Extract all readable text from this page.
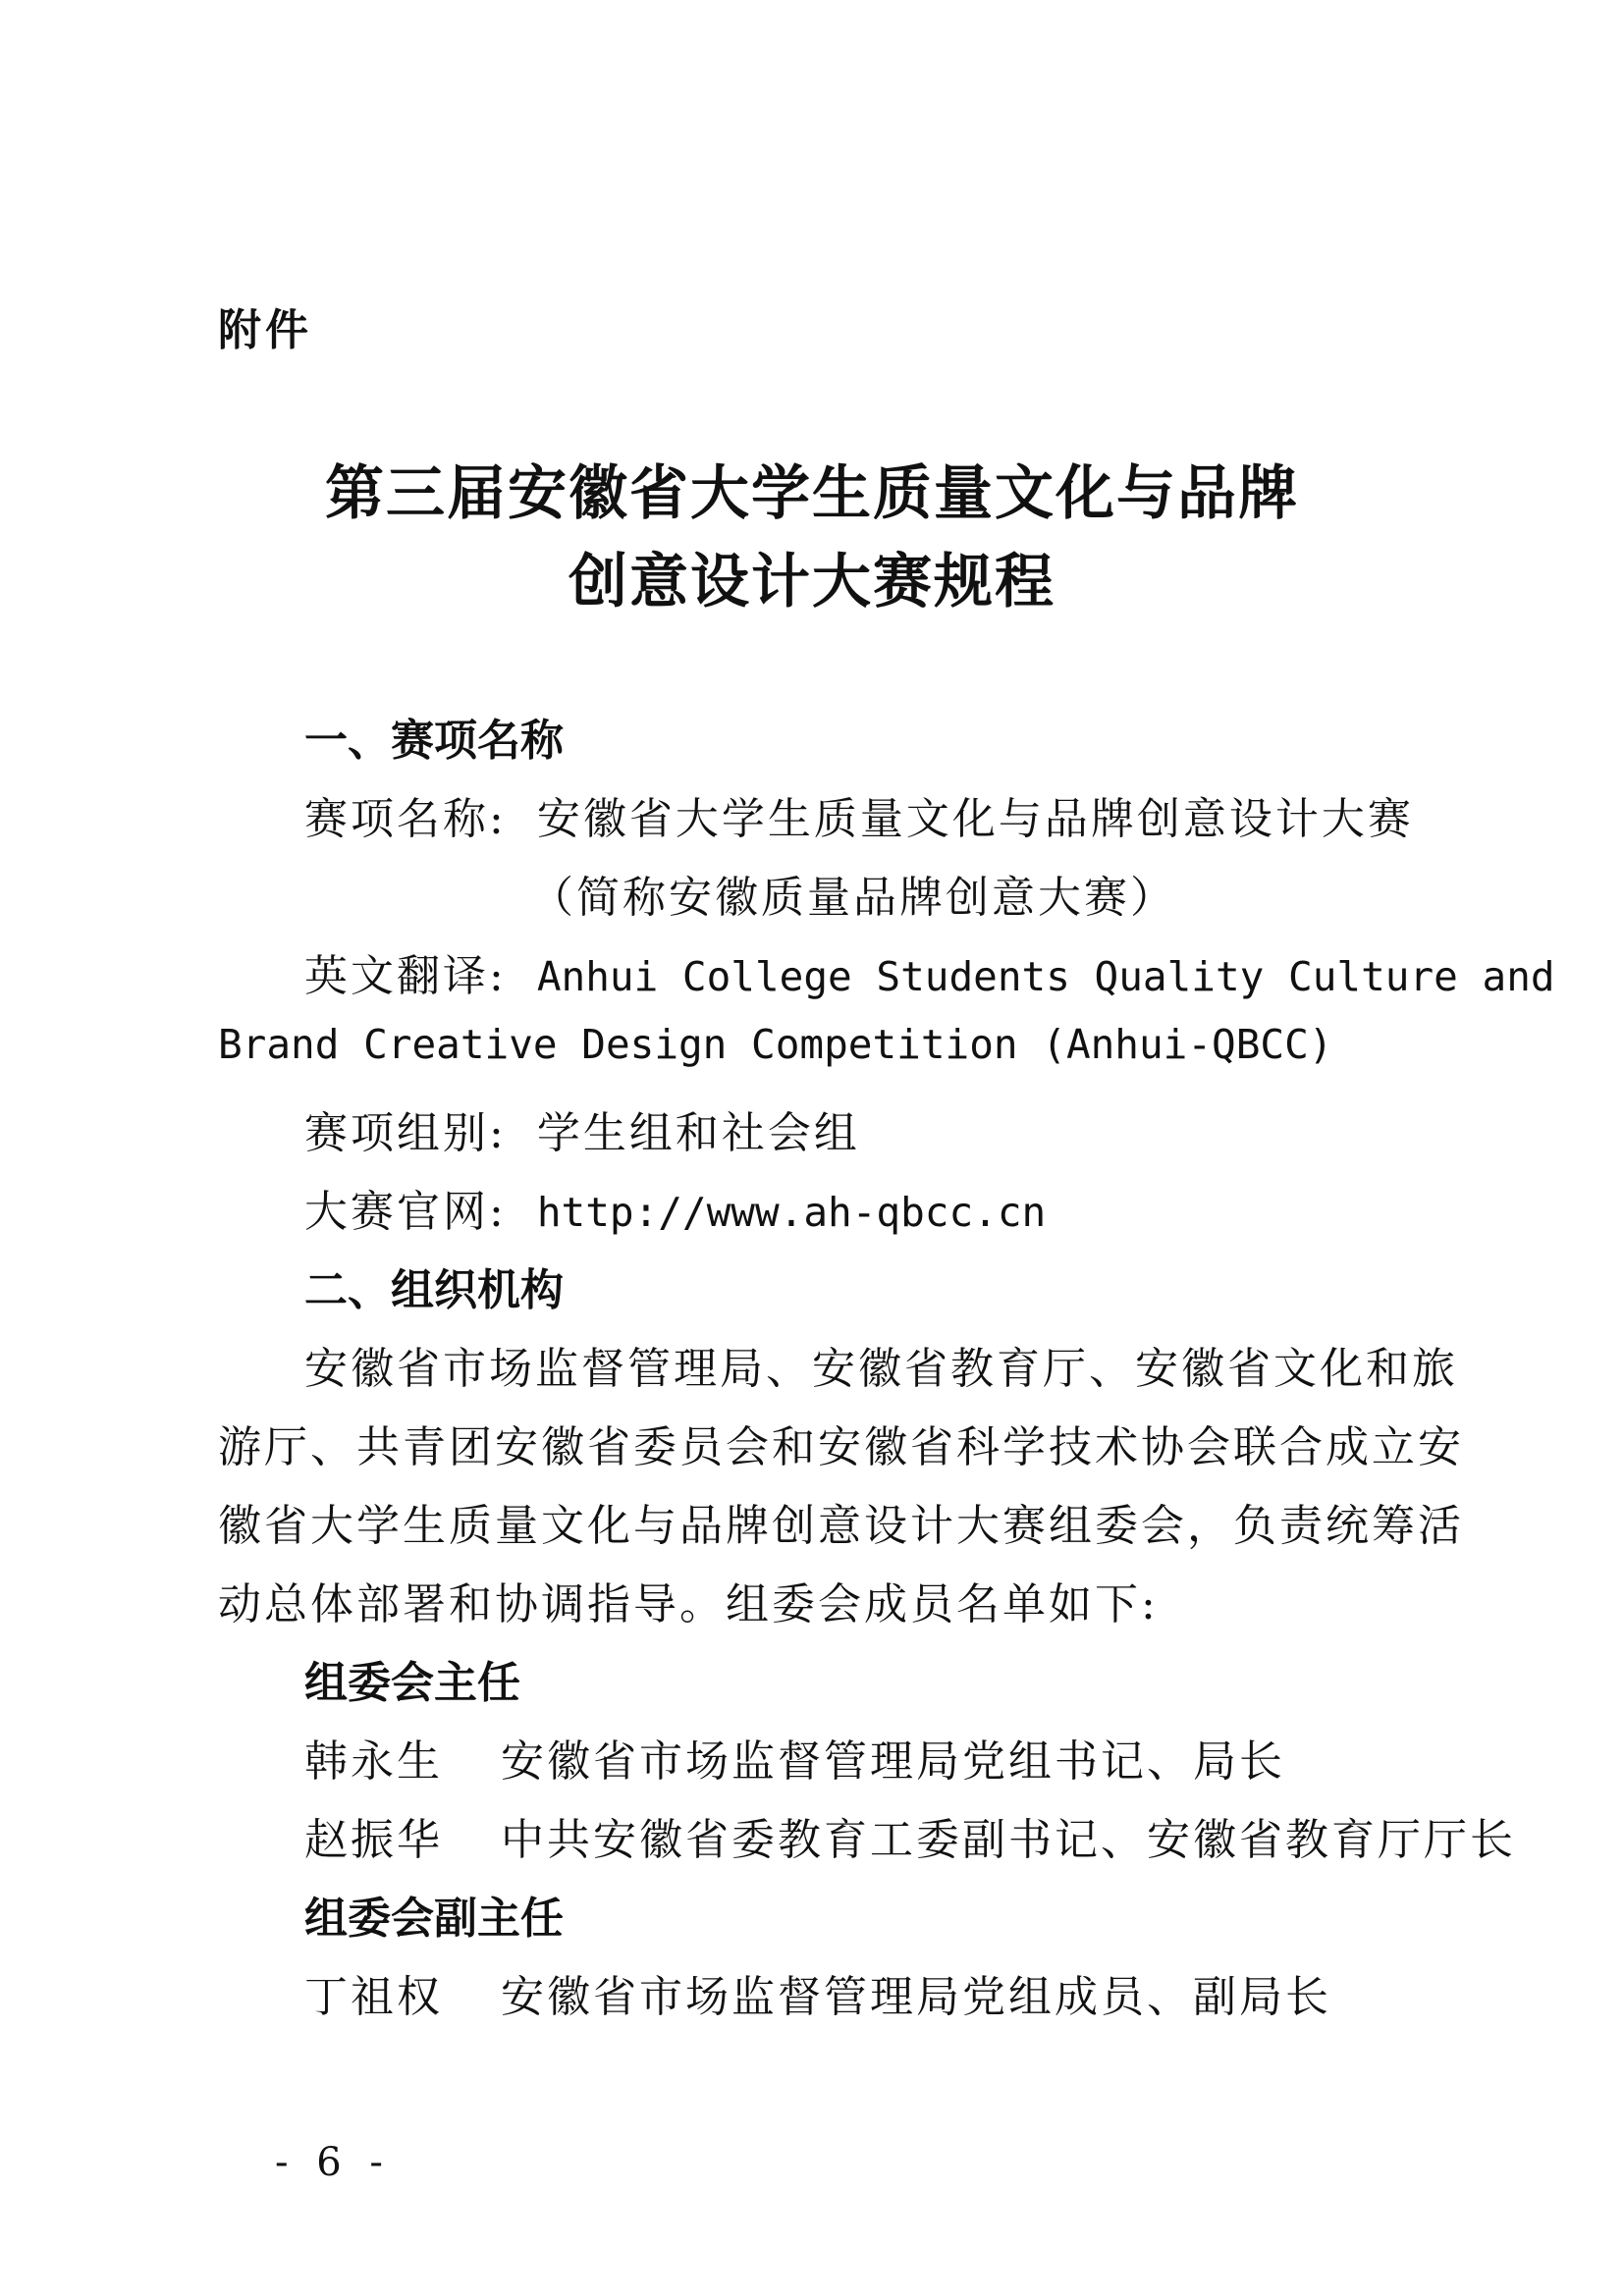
附件
第三届安徽省大学生质量文化与品牌
创意设计大赛规程
一、赛项名称
赛项名称: 安徽省大学生质量文化与品牌创意设计大赛
（简称安徽质量品牌创意大赛）
英文翻译: Anhui College Students Quality Culture and
Brand Creative Design Competition (Anhui-QBCC)
赛项组别: 学生组和社会组
大赛官网: http://www.ah-qbcc.cn
二、组织机构
安徽省市场监督管理局、安徽省教育厅、安徽省文化和旅
游厅、共青团安徽省委员会和安徽省科学技术协会联合成立安
徽省大学生质量文化与品牌创意设计大赛组委会，负责统筹活
动总体部署和协调指导。组委会成员名单如下:
组委会主任
韩永生 安徽省市场监督管理局党组书记、局长
赵振华 中共安徽省委教育工委副书记、安徽省教育厅厅长
组委会副主任
丁祖权 安徽省市场监督管理局党组成员、副局长
- 6 -
